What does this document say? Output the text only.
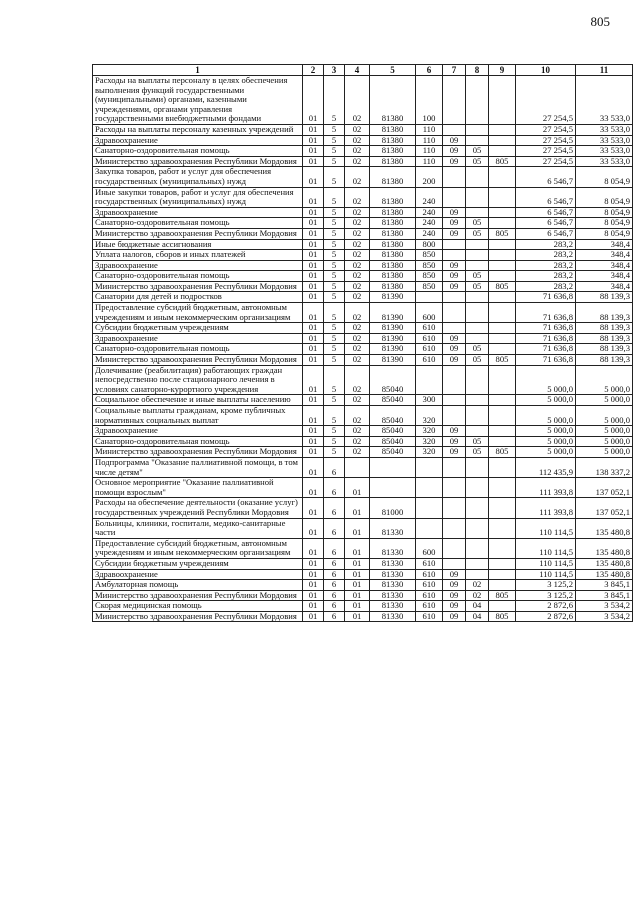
805
1	2	3	4	5	6	7	8	9	10	11
Расходы на выплаты персоналу в целях обеспечения выполнения функций государственными (муниципальными) органами, казенными учреждениями, органами управления государственными внебюджетными фондами	01	5	02	81380	100				27 254,5	33 533,0
Расходы на выплаты персоналу казенных учреждений	01	5	02	81380	110				27 254,5	33 533,0
Здравоохранение	01	5	02	81380	110	09			27 254,5	33 533,0
Санаторно-оздоровительная помощь	01	5	02	81380	110	09	05		27 254,5	33 533,0
Министерство здравоохранения Республики Мордовия	01	5	02	81380	110	09	05	805	27 254,5	33 533,0
Закупка товаров, работ и услуг для обеспечения государственных (муниципальных) нужд	01	5	02	81380	200				6 546,7	8 054,9
Иные закупки товаров, работ и услуг для обеспечения государственных (муниципальных) нужд	01	5	02	81380	240				6 546,7	8 054,9
Здравоохранение	01	5	02	81380	240	09			6 546,7	8 054,9
Санаторно-оздоровительная помощь	01	5	02	81380	240	09	05		6 546,7	8 054,9
Министерство здравоохранения Республики Мордовия	01	5	02	81380	240	09	05	805	6 546,7	8 054,9
Иные бюджетные ассигнования	01	5	02	81380	800				283,2	348,4
Уплата налогов, сборов и иных платежей	01	5	02	81380	850				283,2	348,4
Здравоохранение	01	5	02	81380	850	09			283,2	348,4
Санаторно-оздоровительная помощь	01	5	02	81380	850	09	05		283,2	348,4
Министерство здравоохранения Республики Мордовия	01	5	02	81380	850	09	05	805	283,2	348,4
Санатории для детей и подростков	01	5	02	81390					71 636,8	88 139,3
Предоставление субсидий бюджетным, автономным учреждениям и иным некоммерческим организациям	01	5	02	81390	600				71 636,8	88 139,3
Субсидии бюджетным учреждениям	01	5	02	81390	610				71 636,8	88 139,3
Здравоохранение	01	5	02	81390	610	09			71 636,8	88 139,3
Санаторно-оздоровительная помощь	01	5	02	81390	610	09	05		71 636,8	88 139,3
Министерство здравоохранения Республики Мордовия	01	5	02	81390	610	09	05	805	71 636,8	88 139,3
Долечивание (реабилитация) работающих граждан непосредственно после стационарного лечения в условиях санаторно-курортного учреждения	01	5	02	85040					5 000,0	5 000,0
Социальное обеспечение и иные выплаты населению	01	5	02	85040	300				5 000,0	5 000,0
Социальные выплаты гражданам, кроме публичных нормативных социальных выплат	01	5	02	85040	320				5 000,0	5 000,0
Здравоохранение	01	5	02	85040	320	09			5 000,0	5 000,0
Санаторно-оздоровительная помощь	01	5	02	85040	320	09	05		5 000,0	5 000,0
Министерство здравоохранения Республики Мордовия	01	5	02	85040	320	09	05	805	5 000,0	5 000,0
Подпрограмма "Оказание паллиативной помощи, в том числе детям"	01	6							112 435,9	138 337,2
Основное мероприятие "Оказание паллиативной помощи взрослым"	01	6	01						111 393,8	137 052,1
Расходы на обеспечение деятельности (оказание услуг) государственных учреждений Республики Мордовия	01	6	01	81000					111 393,8	137 052,1
Больницы, клиники, госпитали, медико-санитарные части	01	6	01	81330					110 114,5	135 480,8
Предоставление субсидий бюджетным, автономным учреждениям и иным некоммерческим организациям	01	6	01	81330	600				110 114,5	135 480,8
Субсидии бюджетным учреждениям	01	6	01	81330	610				110 114,5	135 480,8
Здравоохранение	01	6	01	81330	610	09			110 114,5	135 480,8
Амбулаторная помощь	01	6	01	81330	610	09	02		3 125,2	3 845,1
Министерство здравоохранения Республики Мордовия	01	6	01	81330	610	09	02	805	3 125,2	3 845,1
Скорая медицинская помощь	01	6	01	81330	610	09	04		2 872,6	3 534,2
Министерство здравоохранения Республики Мордовия	01	6	01	81330	610	09	04	805	2 872,6	3 534,2
